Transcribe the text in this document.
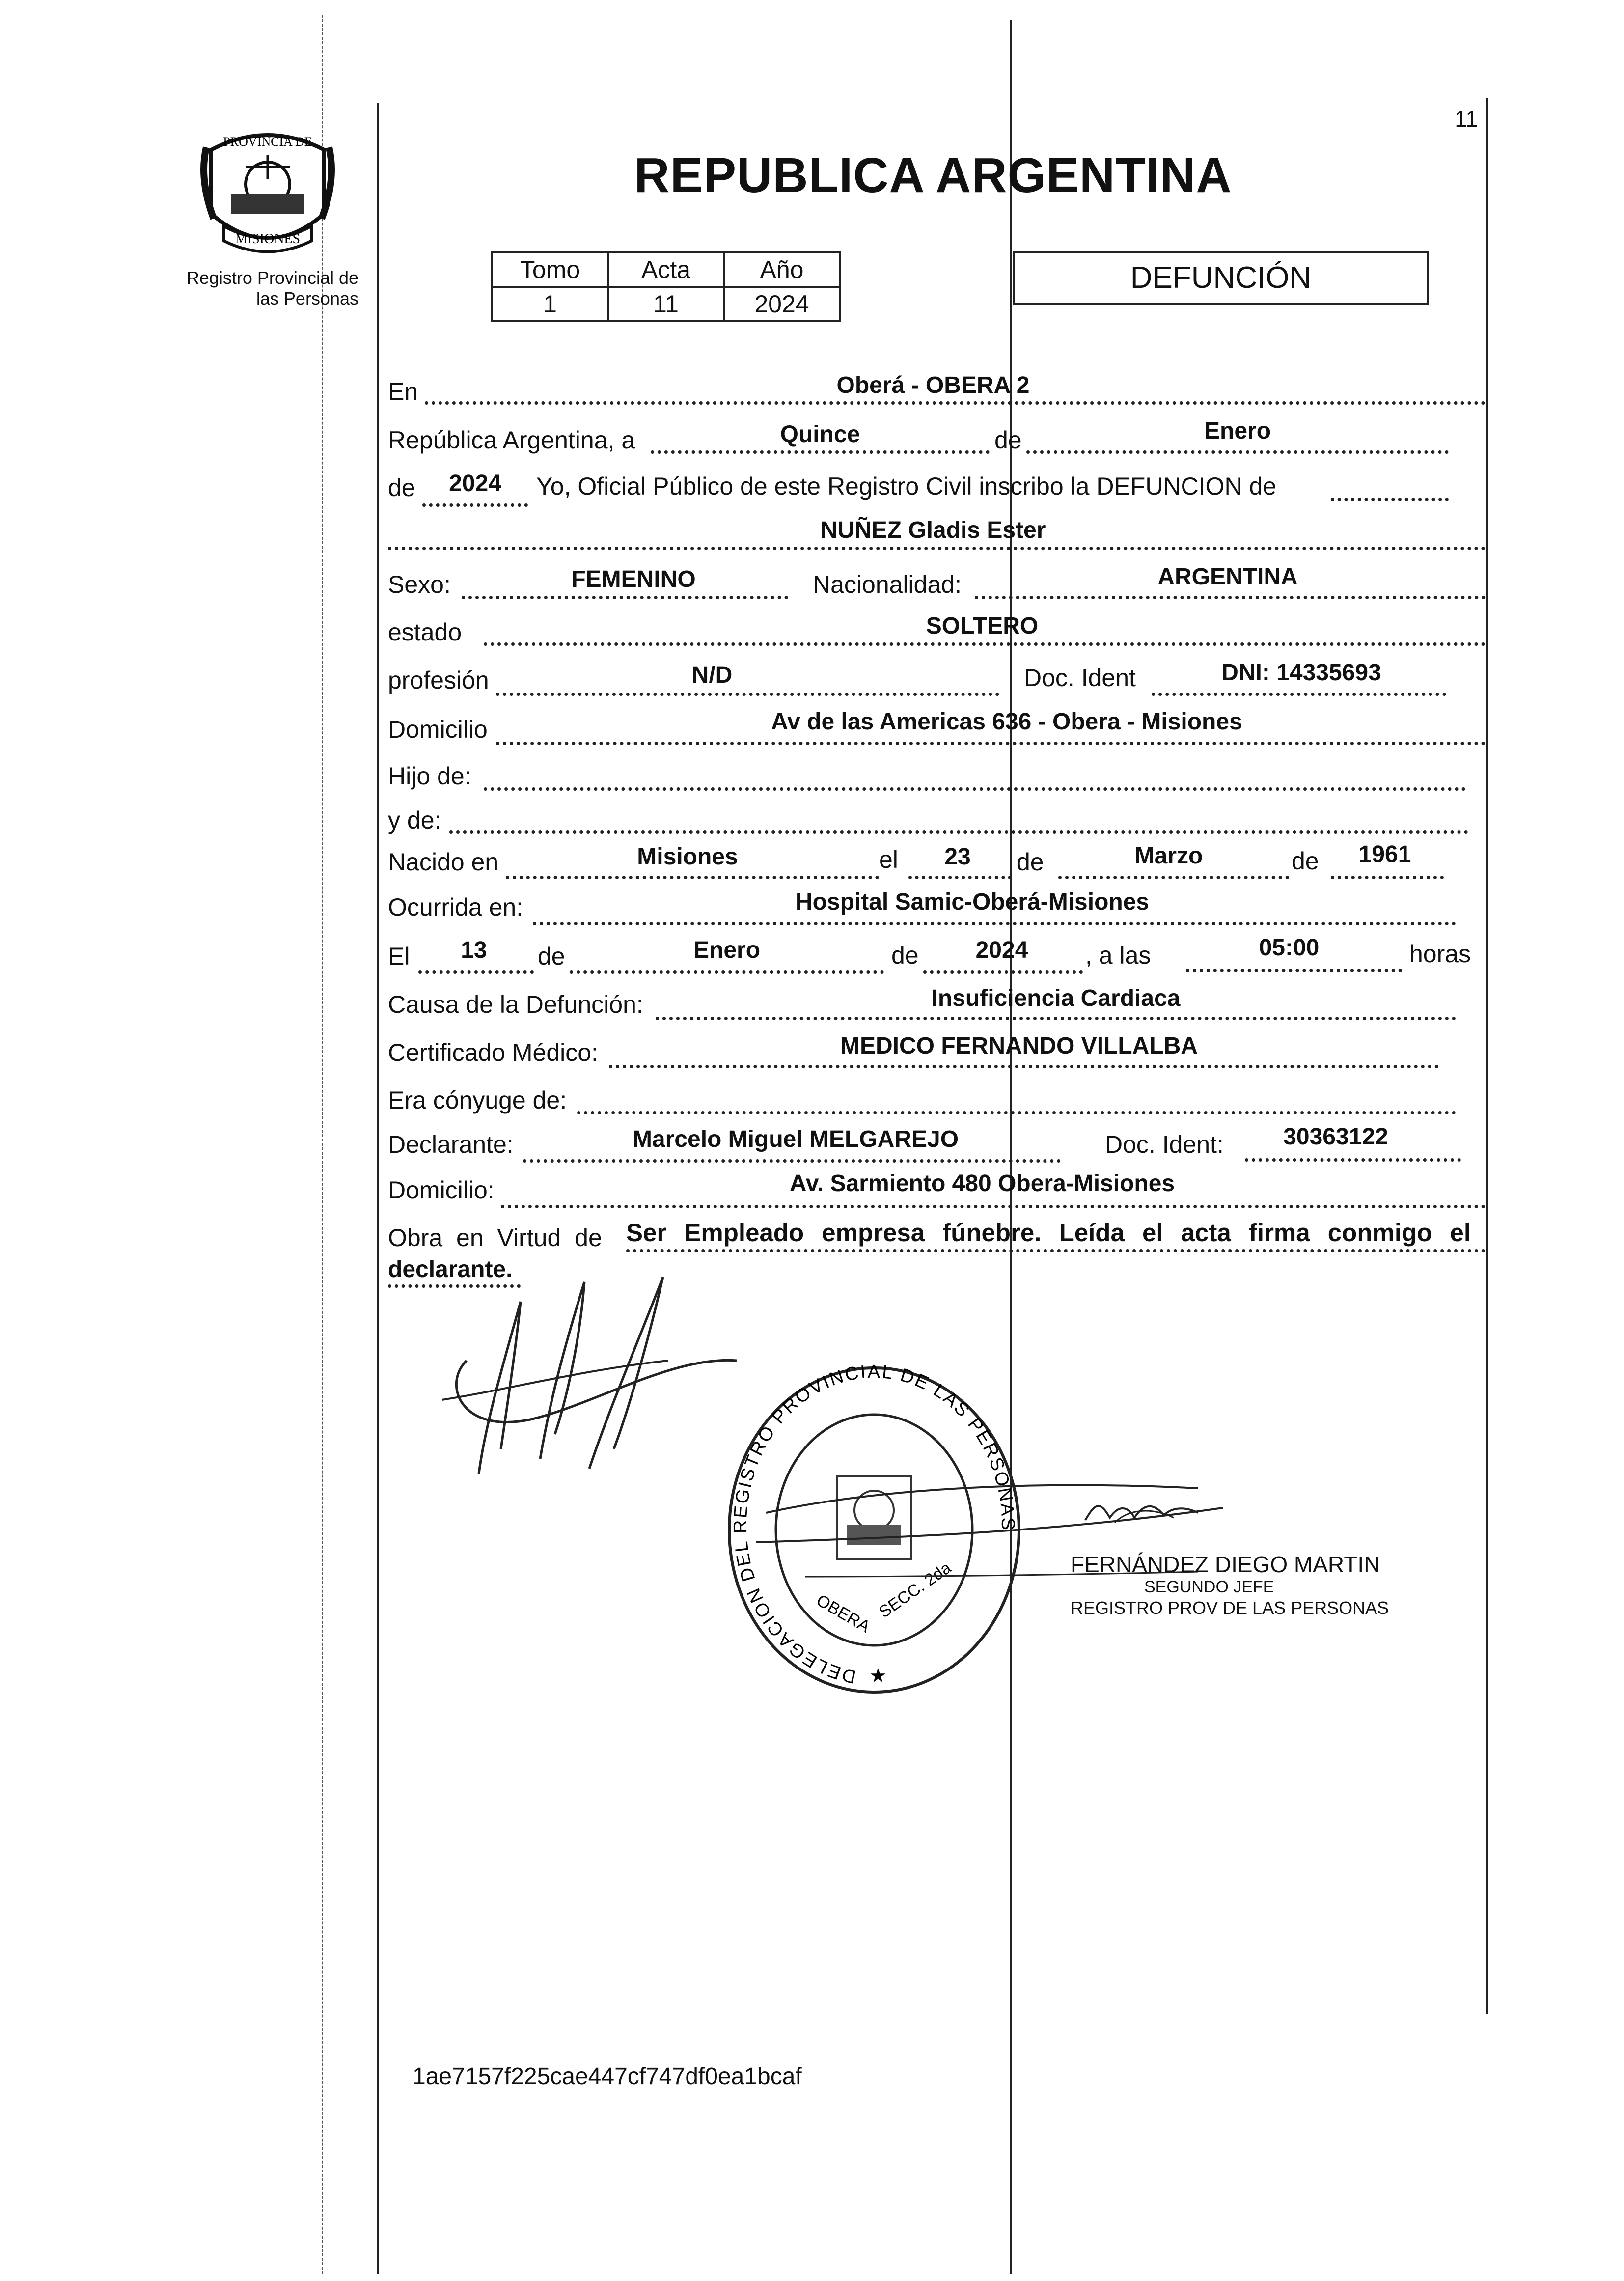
PROVINCIA DE
MISIONES
Registro Provincial de
las Personas
11
REPUBLICA ARGENTINA
Tomo	Acta	Año
1	11	2024
DEFUNCIÓN
En	Oberá - OBERA 2
República Argentina, a	Quince	de	Enero
de	2024	Yo, Oficial Público de este Registro Civil inscribo la DEFUNCION de
NUÑEZ Gladis Ester
Sexo:	FEMENINO	Nacionalidad:	ARGENTINA
estado	SOLTERO
profesión	N/D	Doc. Ident	DNI: 14335693
Domicilio	Av de las Americas 636 - Obera - Misiones
Hijo de:
y de:
Nacido en	Misiones	el	23	de	Marzo	de	1961
Ocurrida en:	Hospital Samic-Oberá-Misiones
El	13	de	Enero	de	2024	, a las	05:00	horas
Causa de la Defunción:	Insuficiencia Cardiaca
Certificado Médico:	MEDICO FERNANDO VILLALBA
Era cónyuge de:
Declarante:	Marcelo Miguel MELGAREJO	Doc. Ident:	30363122
Domicilio:	Av. Sarmiento 480 Obera-Misiones
Obra en Virtud de Ser Empleado empresa fúnebre. Leída el acta firma conmigo el
declarante.
DELEGACION DEL REGISTRO PROVINCIAL DE LAS PERSONAS
OBERA SECC. 2da
★
FERNÁNDEZ DIEGO MARTIN
SEGUNDO JEFE
REGISTRO PROV DE LAS PERSONAS
1ae7157f225cae447cf747df0ea1bcaf
